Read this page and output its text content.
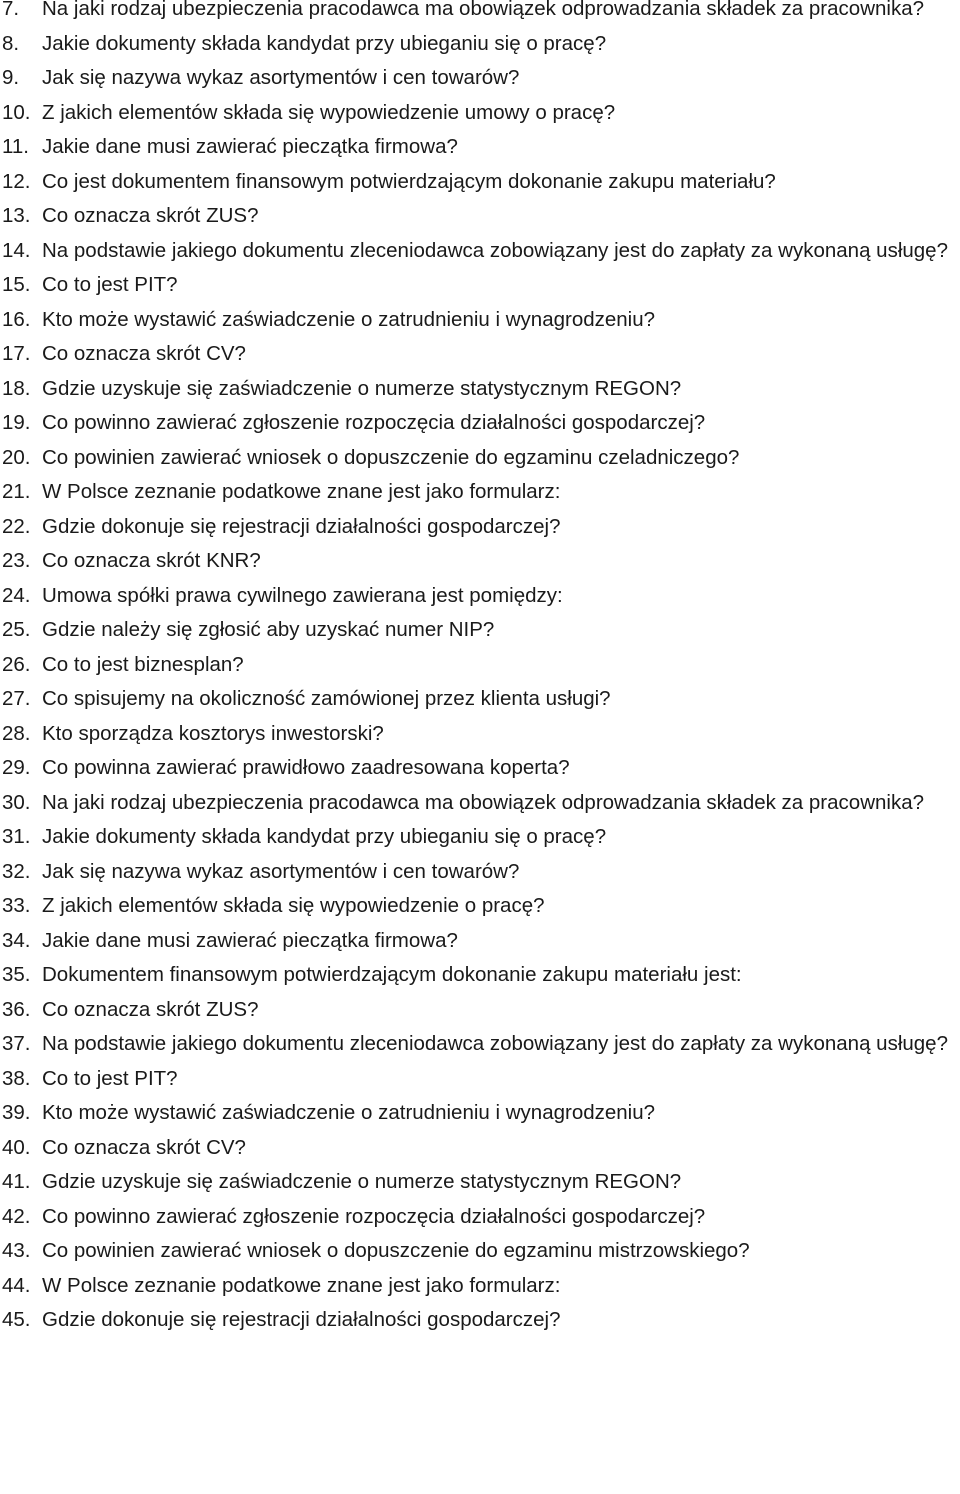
7.	Na jaki rodzaj ubezpieczenia pracodawca ma obowiązek odprowadzania składek za pracownika?
8.	Jakie dokumenty składa kandydat przy ubieganiu się o pracę?
9.	Jak się nazywa wykaz asortymentów i cen towarów?
10. Z jakich elementów składa się wypowiedzenie umowy o pracę?
11. Jakie dane musi zawierać pieczątka firmowa?
12. Co jest dokumentem finansowym potwierdzającym dokonanie zakupu materiału?
13. Co oznacza skrót ZUS?
14. Na podstawie jakiego dokumentu zleceniodawca zobowiązany jest do zapłaty za wykonaną usługę?
15. Co to jest PIT?
16. Kto może wystawić zaświadczenie o zatrudnieniu i wynagrodzeniu?
17. Co oznacza skrót CV?
18. Gdzie uzyskuje się zaświadczenie o numerze statystycznym REGON?
19. Co powinno zawierać zgłoszenie rozpoczęcia działalności gospodarczej?
20. Co powinien zawierać wniosek o dopuszczenie do egzaminu czeladniczego?
21. W Polsce zeznanie podatkowe znane jest jako formularz:
22. Gdzie dokonuje się rejestracji działalności gospodarczej?
23. Co oznacza skrót KNR?
24. Umowa spółki prawa cywilnego zawierana jest pomiędzy:
25. Gdzie należy się zgłosić aby uzyskać numer NIP?
26. Co to jest biznesplan?
27. Co spisujemy na okoliczność zamówionej przez klienta usługi?
28. Kto sporządza kosztorys inwestorski?
29. Co powinna zawierać prawidłowo zaadresowana koperta?
30. Na jaki rodzaj ubezpieczenia pracodawca ma obowiązek odprowadzania składek za pracownika?
31. Jakie dokumenty składa kandydat przy ubieganiu się o pracę?
32. Jak się nazywa wykaz asortymentów i cen towarów?
33. Z jakich elementów składa się wypowiedzenie o pracę?
34. Jakie dane musi zawierać pieczątka firmowa?
35. Dokumentem finansowym potwierdzającym dokonanie zakupu materiału jest:
36. Co oznacza skrót ZUS?
37. Na podstawie jakiego dokumentu zleceniodawca zobowiązany jest do zapłaty za wykonaną usługę?
38. Co to jest PIT?
39. Kto może wystawić zaświadczenie o zatrudnieniu i wynagrodzeniu?
40. Co oznacza skrót CV?
41. Gdzie uzyskuje się zaświadczenie o numerze statystycznym REGON?
42. Co powinno zawierać zgłoszenie rozpoczęcia działalności gospodarczej?
43. Co powinien zawierać wniosek o dopuszczenie do egzaminu mistrzowskiego?
44. W Polsce zeznanie podatkowe znane jest jako formularz:
45. Gdzie dokonuje się rejestracji działalności gospodarczej?
